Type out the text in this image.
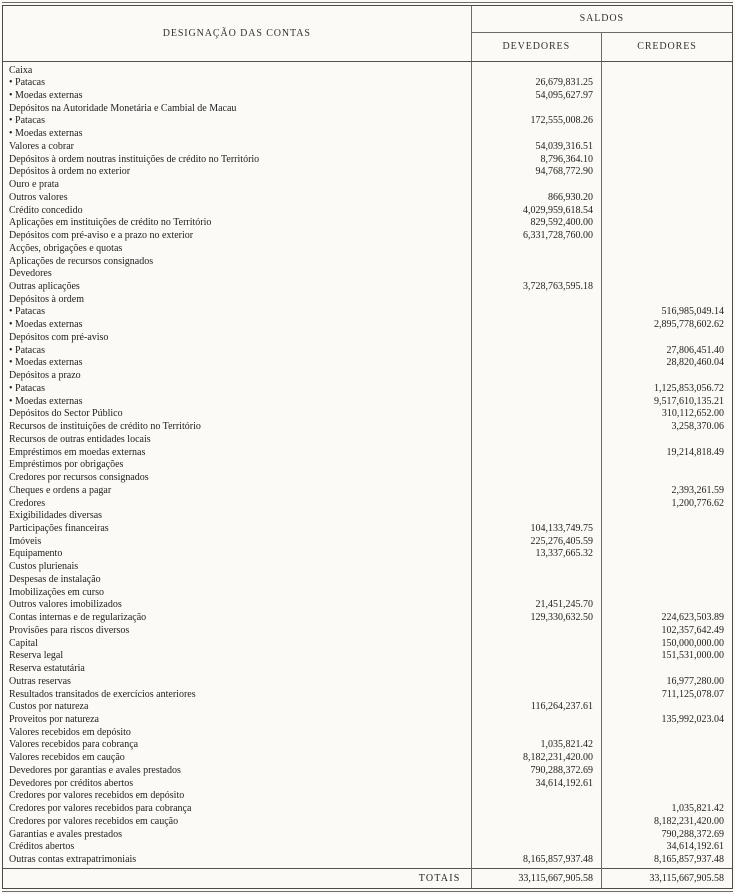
DESIGNAÇÃO DAS CONTAS	SALDOS	
	DEVEDORES	CREDORES
Caixa		
• Patacas	26,679,831.25	
• Moedas externas	54,095,627.97	
Depósitos na Autoridade Monetária e Cambial de Macau		
• Patacas	172,555,008.26	
• Moedas externas		
Valores a cobrar	54,039,316.51	
Depósitos à ordem noutras instituições de crédito no Território	8,796,364.10	
Depósitos à ordem no exterior	94,768,772.90	
Ouro e prata		
Outros valores	866,930.20	
Crédito concedido	4,029,959,618.54	
Aplicações em instituições de crédito no Território	829,592,400.00	
Depósitos com pré-aviso e a prazo no exterior	6,331,728,760.00	
Acções, obrigações e quotas		
Aplicações de recursos consignados		
Devedores		
Outras aplicações	3,728,763,595.18	
Depósitos à ordem		
• Patacas		516,985,049.14
• Moedas externas		2,895,778,602.62
Depósitos com pré-aviso		
• Patacas		27,806,451.40
• Moedas externas		28,820,460.04
Depósitos a prazo		
• Patacas		1,125,853,056.72
• Moedas externas		9,517,610,135.21
Depósitos do Sector Público		310,112,652.00
Recursos de instituições de crédito no Território		3,258,370.06
Recursos de outras entidades locais		
Empréstimos em moedas externas		19,214,818.49
Empréstimos por obrigações		
Credores por recursos consignados		
Cheques e ordens a pagar		2,393,261.59
Credores		1,200,776.62
Exigibilidades diversas		
Participações financeiras	104,133,749.75	
Imóveis	225,276,405.59	
Equipamento	13,337,665.32	
Custos plurienais		
Despesas de instalação		
Imobilizações em curso		
Outros valores imobilizados	21,451,245.70	
Contas internas e de regularização	129,330,632.50	224,623,503.89
Provisões para riscos diversos		102,357,642.49
Capital		150,000,000.00
Reserva legal		151,531,000.00
Reserva estatutária		
Outras reservas		16,977,280.00
Resultados transitados de exercícios anteriores		711,125,078.07
Custos por natureza	116,264,237.61	
Proveitos por natureza		135,992,023.04
Valores recebidos em depósito		
Valores recebidos para cobrança	1,035,821.42	
Valores recebidos em caução	8,182,231,420.00	
Devedores por garantias e avales prestados	790,288,372.69	
Devedores por créditos abertos	34,614,192.61	
Credores por valores recebidos em depósito		
Credores por valores recebidos para cobrança		1,035,821.42
Credores por valores recebidos em caução		8,182,231,420.00
Garantias e avales prestados		790,288,372.69
Créditos abertos		34,614,192.61
Outras contas extrapatrimoniais	8,165,857,937.48	8,165,857,937.48
TOTAIS	33,115,667,905.58	33,115,667,905.58
